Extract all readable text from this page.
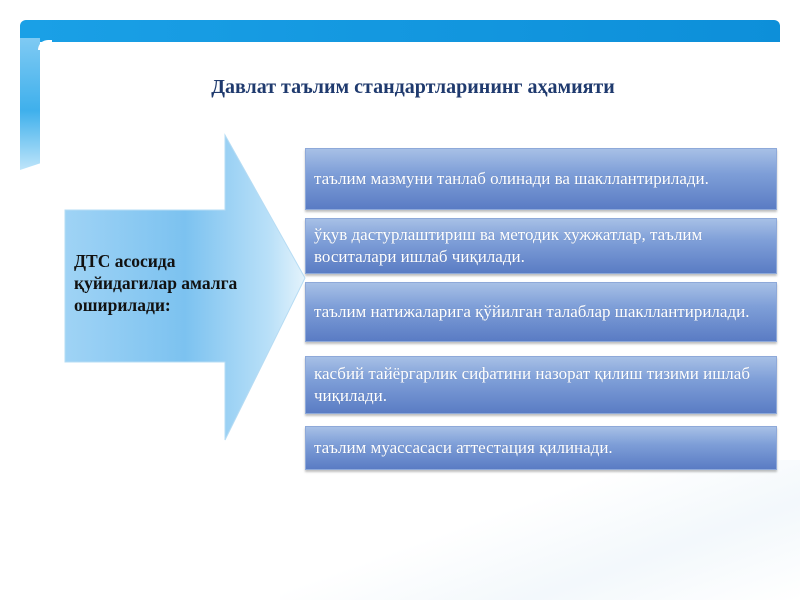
Давлат таълим стандартларининг аҳамияти
ДТС асосида қуйидагилар амалга оширилади:
таълим мазмуни танлаб олинади ва шакллантирилади.
ўқув дастурлаштириш ва методик хужжатлар, таълим воситалари ишлаб чиқилади.
таълим натижаларига қўйилган талаблар шакллантирилади.
касбий тайёргарлик сифатини назорат қилиш тизими ишлаб чиқилади.
таълим муассасаси аттестация қилинади.
